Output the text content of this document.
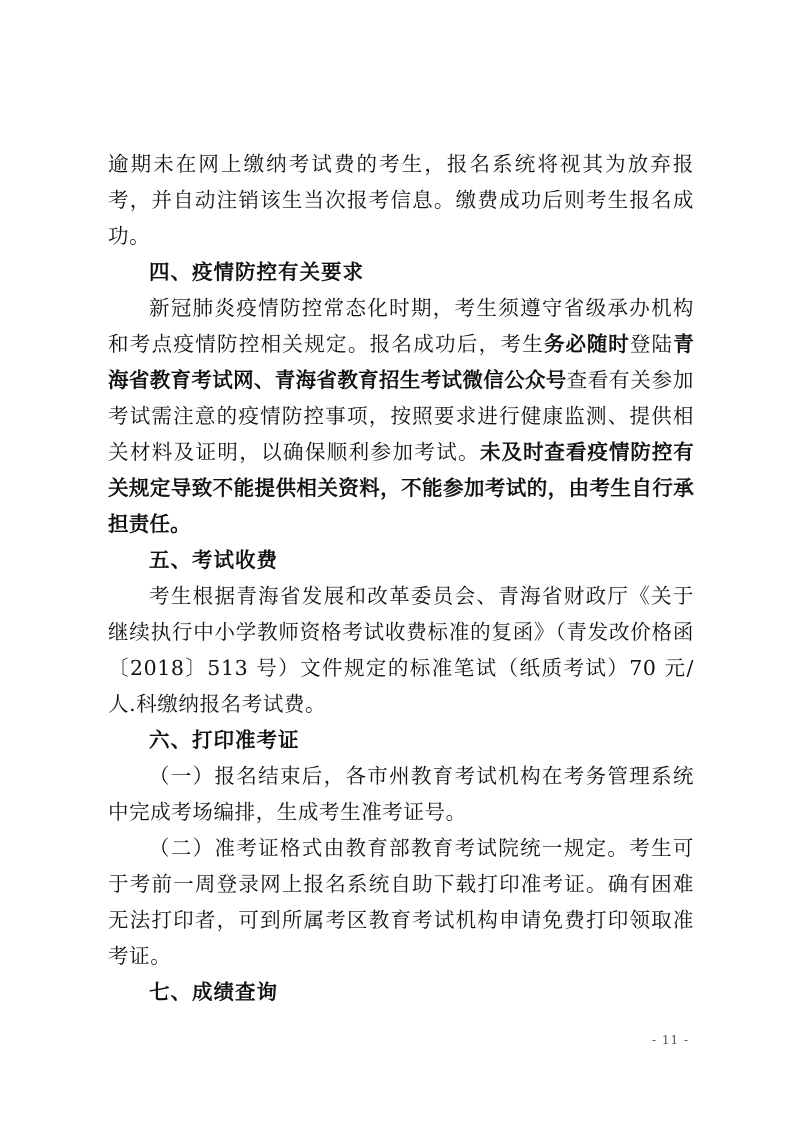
逾期未在网上缴纳考试费的考生，报名系统将视其为放弃报考，并自动注销该生当次报考信息。缴费成功后则考生报名成功。

四、疫情防控有关要求

新冠肺炎疫情防控常态化时期，考生须遵守省级承办机构和考点疫情防控相关规定。报名成功后，考生务必随时登陆青海省教育考试网、青海省教育招生考试微信公众号查看有关参加考试需注意的疫情防控事项，按照要求进行健康监测、提供相关材料及证明，以确保顺利参加考试。未及时查看疫情防控有关规定导致不能提供相关资料，不能参加考试的，由考生自行承担责任。

五、考试收费

考生根据青海省发展和改革委员会、青海省财政厅《关于继续执行中小学教师资格考试收费标准的复函》（青发改价格函〔2018〕513 号）文件规定的标准笔试（纸质考试）70 元/人.科缴纳报名考试费。

六、打印准考证

（一）报名结束后，各市州教育考试机构在考务管理系统中完成考场编排，生成考生准考证号。

（二）准考证格式由教育部教育考试院统一规定。考生可于考前一周登录网上报名系统自助下载打印准考证。确有困难无法打印者，可到所属考区教育考试机构申请免费打印领取准考证。

七、成绩查询
- 11 -
